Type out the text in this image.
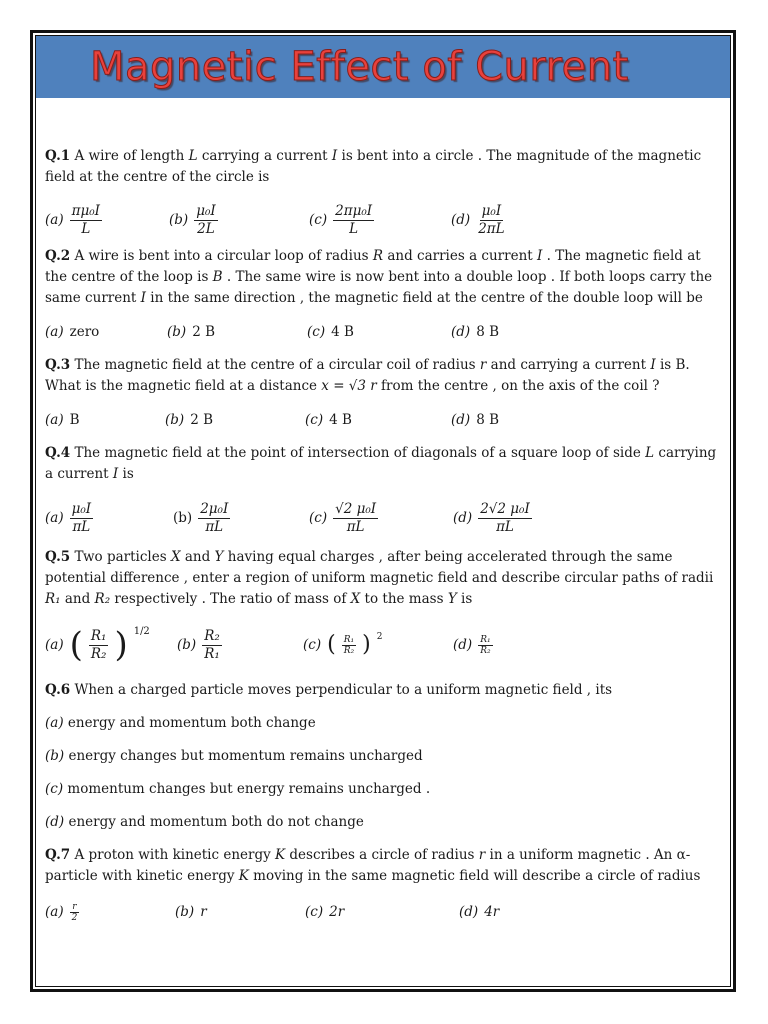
Magnetic Effect of Current

Q.1 A wire of length L carrying a current I is bent into a circle . The magnitude of the magnetic field at the centre of the circle is

$(a) \frac{\text{πμ₀I}}{L}$	$(b) \frac{\text{μ₀I}}{2L}$	$(c) \frac{\text{2πμ₀I}}{L}$	$(d) \frac{\text{μ₀I}}{2\pi L}$

Q.2 A wire is bent into a circular loop of radius R and carries a current I . The magnetic field at the centre of the loop is B . The same wire is now bent into a double loop . If both loops carry the same current I in the same direction , the magnetic field at the centre of the double loop will be

(a) zero	(b) 2 B	(c) 4 B	(d) 8 B

Q.3 The magnetic field at the centre of a circular coil of radius r and carrying a current I is B. What is the magnetic field at a distance x = √3 r from the centre , on the axis of the coil ?

(a) B	(b) 2 B	(c) 4 B	(d) 8 B

Q.4 The magnetic field at the point of intersection of diagonals of a square loop of side L carrying a current I is

$(a) \frac{\text{μ₀I}}{\pi L}$	$(b) \frac{\text{2μ₀I}}{\pi L}$	$(c) \frac{\text{√2 μ₀I}}{\pi L}$	$(d) \frac{\text{2√2 μ₀I}}{\pi L}$

Q.5 Two particles X and Y having equal charges , after being accelerated through the same potential difference , enter a region of uniform magnetic field and describe circular paths of radii R₁ and R₂ respectively . The ratio of mass of X to the mass Y is

(a) ( $\frac{\text{R₁}}{\text{R₂}}$ ) $^{1/2}$
$(b) \frac{\text{R₂}}{\text{R₁}}$	(c) ( $\frac{\text{R₁}}{\text{R₂}}$ ) $^2$	$(d) \frac{\text{R₁}}{\text{R₂}}$

Q.6 When a charged particle moves perpendicular to a uniform magnetic field , its

(a) energy and momentum both change

(b) energy changes but momentum remains uncharged

(c) momentum changes but energy remains uncharged .

(d) energy and momentum both do not change

Q.7 A proton with kinetic energy K describes a circle of radius r in a uniform magnetic . An α-particle with kinetic energy K moving in the same magnetic field will describe a circle of radius

$(a) \frac{r}{2}$	(b) r	(c) 2r	(d) 4r
